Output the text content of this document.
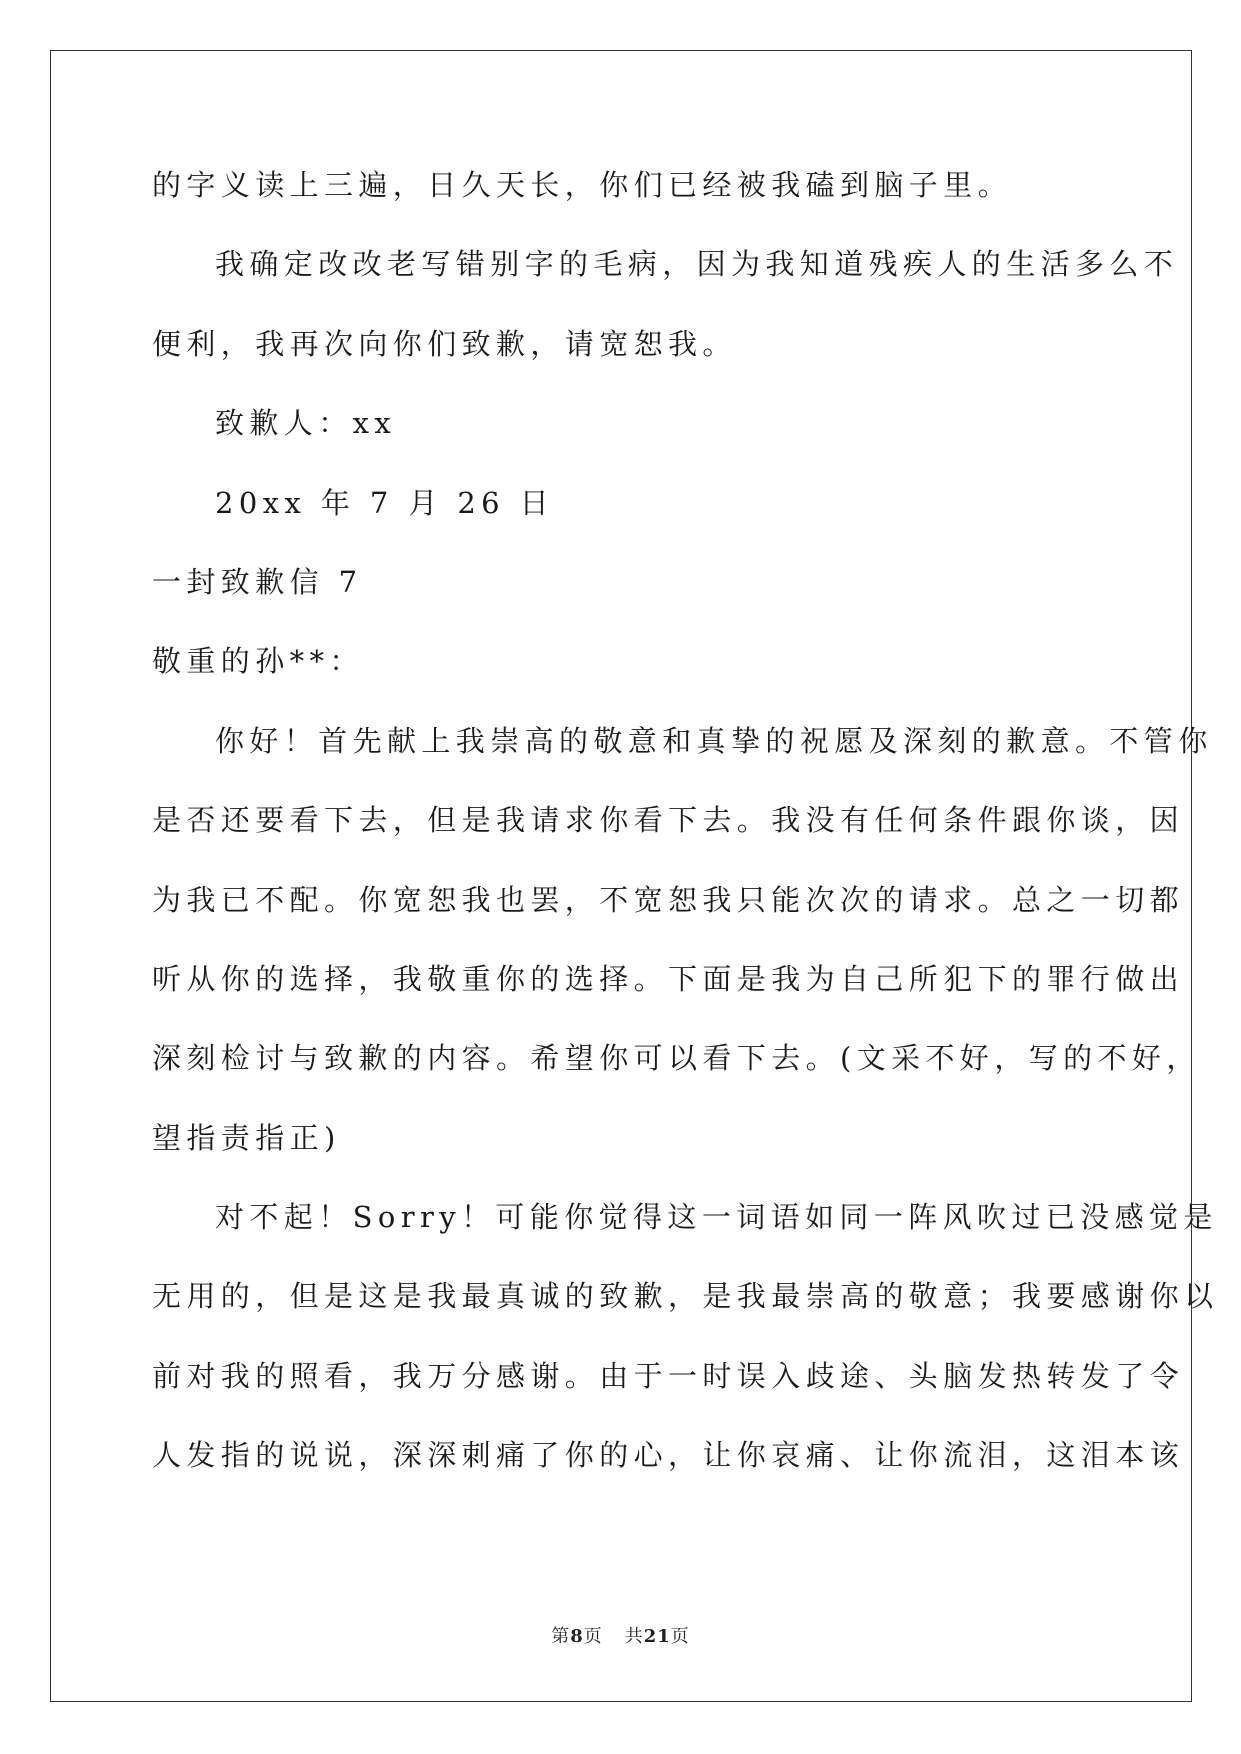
的字义读上三遍，日久天长，你们已经被我磕到脑子里。
我确定改改老写错别字的毛病，因为我知道残疾人的生活多么不
便利，我再次向你们致歉，请宽恕我。
致歉人：xx
20xx 年 7 月 26 日
一封致歉信 7
敬重的孙**：
你好！首先献上我崇高的敬意和真挚的祝愿及深刻的歉意。不管你
是否还要看下去，但是我请求你看下去。我没有任何条件跟你谈，因
为我已不配。你宽恕我也罢，不宽恕我只能次次的请求。总之一切都
听从你的选择，我敬重你的选择。下面是我为自己所犯下的罪行做出
深刻检讨与致歉的内容。希望你可以看下去。(文采不好，写的不好，
望指责指正)
对不起！Sorry！可能你觉得这一词语如同一阵风吹过已没感觉是
无用的，但是这是我最真诚的致歉，是我最崇高的敬意；我要感谢你以
前对我的照看，我万分感谢。由于一时误入歧途、头脑发热转发了令
人发指的说说，深深刺痛了你的心，让你哀痛、让你流泪，这泪本该
第8页 共21页
